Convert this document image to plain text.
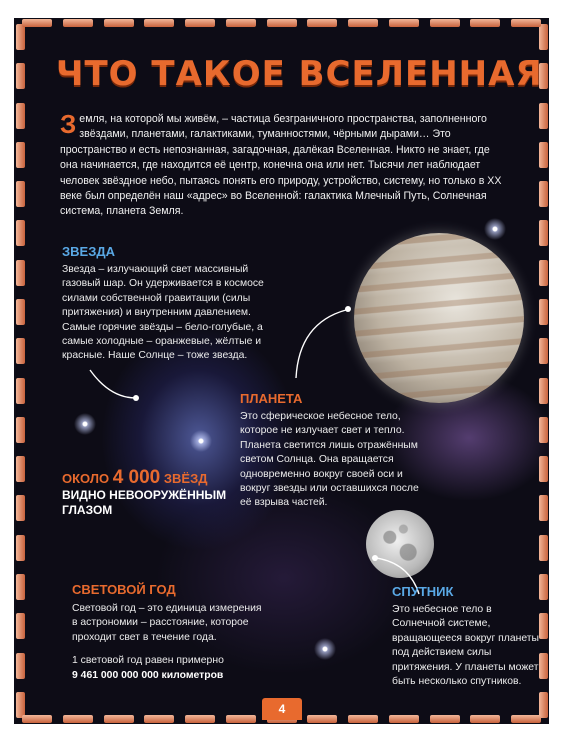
ЧТО ТАКОЕ ВСЕЛЕННАЯ

Земля, на которой мы живём, – частица безграничного пространства, заполненного звёздами, планетами, галактиками, туманностями, чёрными дырами… Это пространство и есть непознанная, загадочная, далёкая Вселенная. Никто не знает, где она начинается, где находится её центр, конечна она или нет. Тысячи лет наблюдает человек звёздное небо, пытаясь понять его природу, устройство, систему, но только в XX веке был определён наш «адрес» во Вселенной: галактика Млечный Путь, Солнечная система, планета Земля.

ЗВЕЗДА

Звезда – излучающий свет массивный газовый шар. Он удерживается в космосе силами собственной гравитации (силы притяжения) и внутренним давлением. Самые горячие звёзды – бело-голубые, а самые холодные – оранжевые, жёлтые и красные. Наше Солнце – тоже звезда.

ПЛАНЕТА

Это сферическое небесное тело, которое не излучает свет и тепло. Планета светится лишь отражённым светом Солнца. Она вращается одновременно вокруг своей оси и вокруг звезды или оставшихся после её взрыва частей.

ОКОЛО 4 000 ЗВЁЗД

ВИДНО НЕВООРУЖЁННЫМ ГЛАЗОМ

СВЕТОВОЙ ГОД

Световой год – это единица измерения в астрономии – расстояние, которое проходит свет в течение года.

1 световой год равен примерно

9 461 000 000 000 километров

СПУТНИК

Это небесное тело в Солнечной системе, вращающееся вокруг планеты под действием силы притяжения. У планеты может быть несколько спутников.

4
